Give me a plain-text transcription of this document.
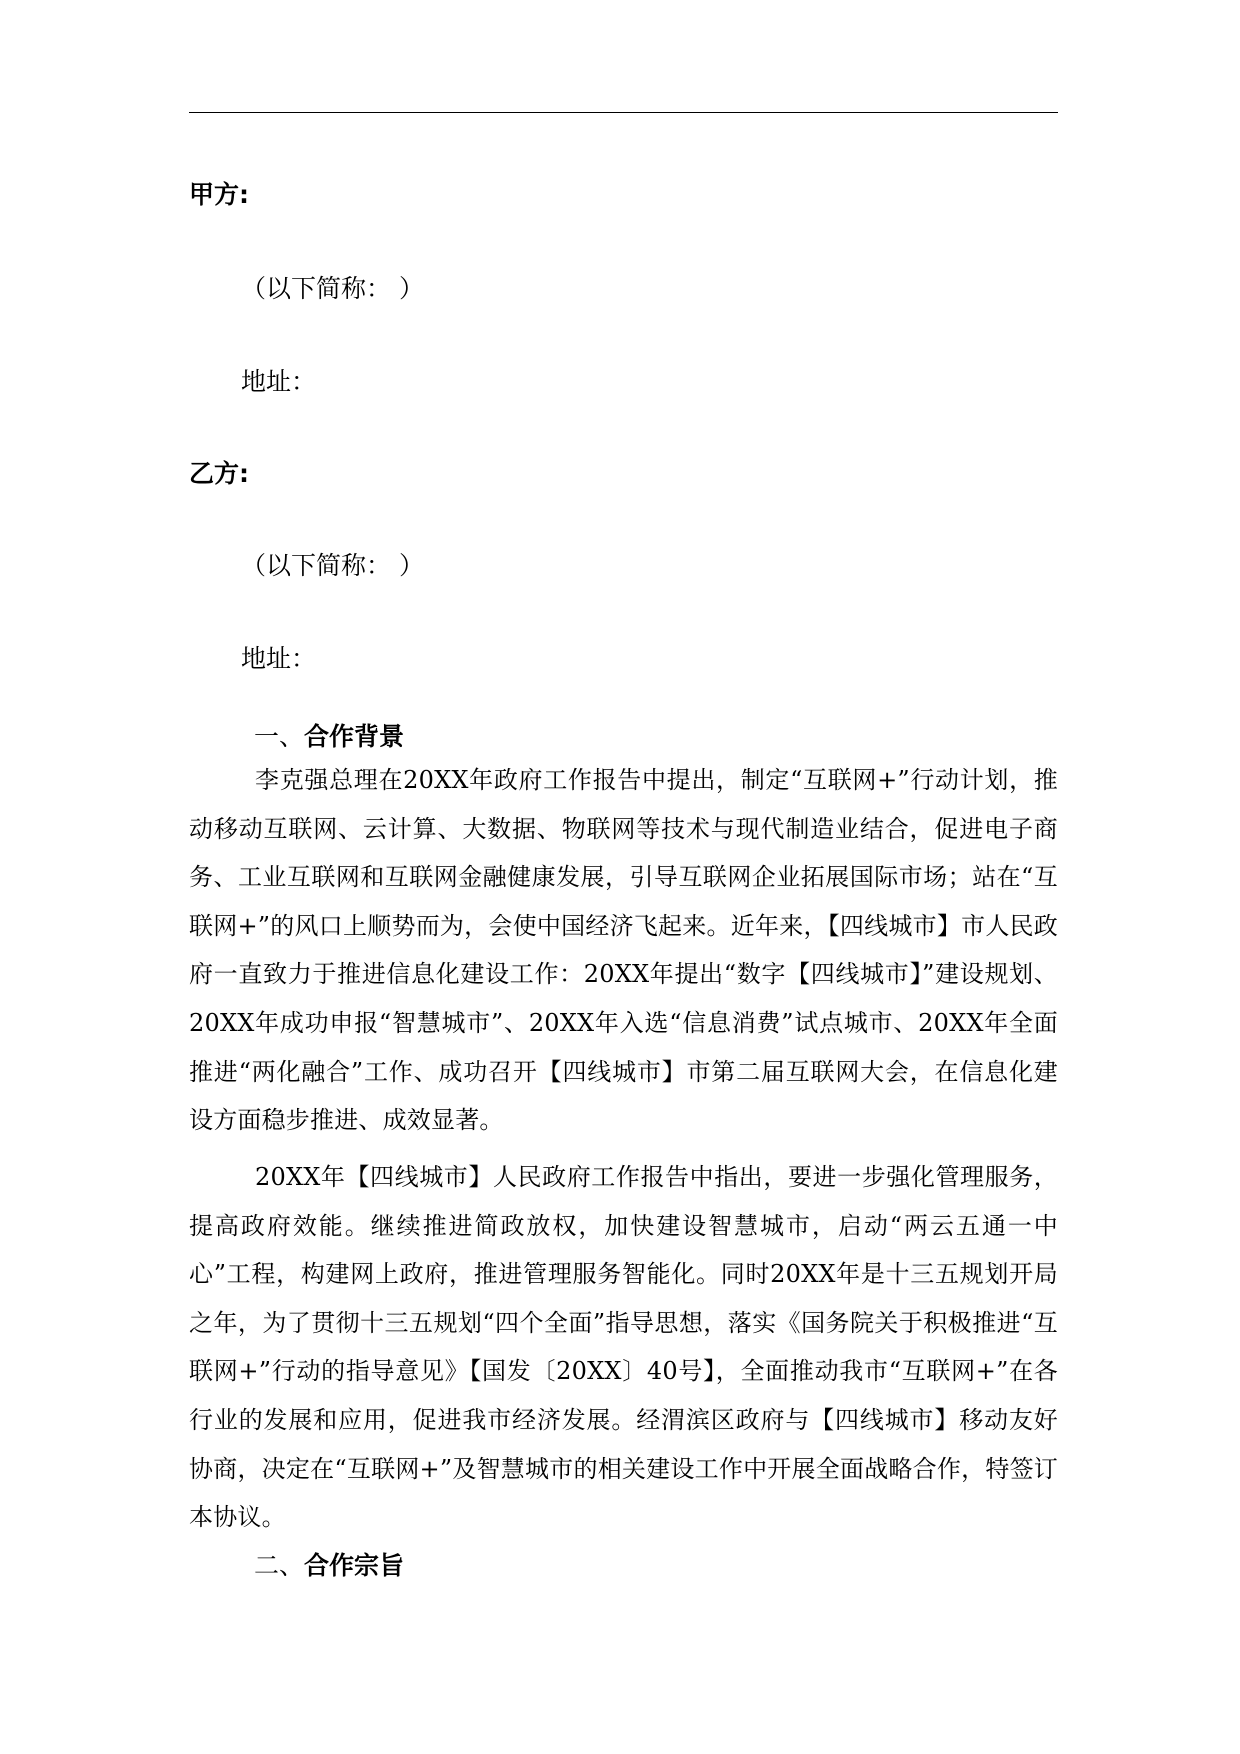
甲方:
（以下简称： ）
地址：
乙方:
（以下简称： ）
地址：
一、合作背景

李克强总理在20XX年政府工作报告中提出，制定“互联网+”行动计划，推动移动互联网、云计算、大数据、物联网等技术与现代制造业结合，促进电子商务、工业互联网和互联网金融健康发展，引导互联网企业拓展国际市场；站在“互联网+”的风口上顺势而为，会使中国经济飞起来。近年来，【四线城市】市人民政府一直致力于推进信息化建设工作：20XX年提出“数字【四线城市】”建设规划、20XX年成功申报“智慧城市”、20XX年入选“信息消费”试点城市、20XX年全面推进“两化融合”工作、成功召开【四线城市】市第二届互联网大会，在信息化建设方面稳步推进、成效显著。

20XX年【四线城市】人民政府工作报告中指出，要进一步强化管理服务，提高政府效能。继续推进简政放权，加快建设智慧城市，启动“两云五通一中心”工程，构建网上政府，推进管理服务智能化。同时20XX年是十三五规划开局之年，为了贯彻十三五规划“四个全面”指导思想，落实《国务院关于积极推进“互联网+”行动的指导意见》【国发〔20XX〕40号】，全面推动我市“互联网+”在各行业的发展和应用，促进我市经济发展。经渭滨区政府与【四线城市】移动友好协商，决定在“互联网+”及智慧城市的相关建设工作中开展全面战略合作，特签订本协议。

二、合作宗旨
